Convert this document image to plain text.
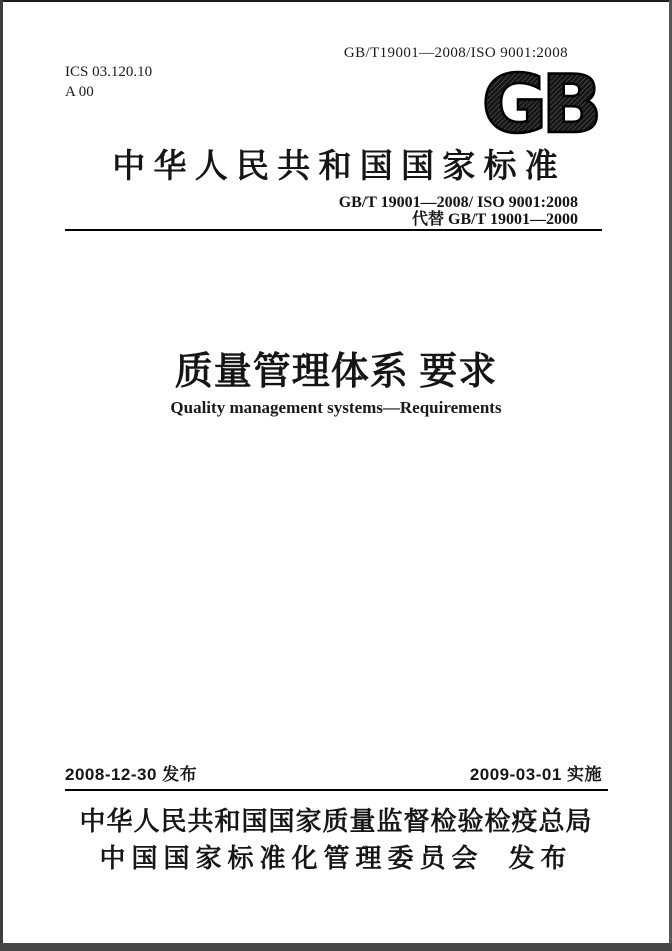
GB/T19001—2008/ISO 9001:2008
ICS 03.120.10
A 00	GB
中 华 人 民 共 和 国 国 家 标 准
GB/T 19001—2008/ ISO 9001:2008
代替 GB/T 19001—2000
质量管理体系 要求
Quality management systems—Requirements
2008-12-30 发布	2009-03-01 实施
中华人民共和国国家质量监督检验检疫总局
中国国家标准化管理委员会  发布
